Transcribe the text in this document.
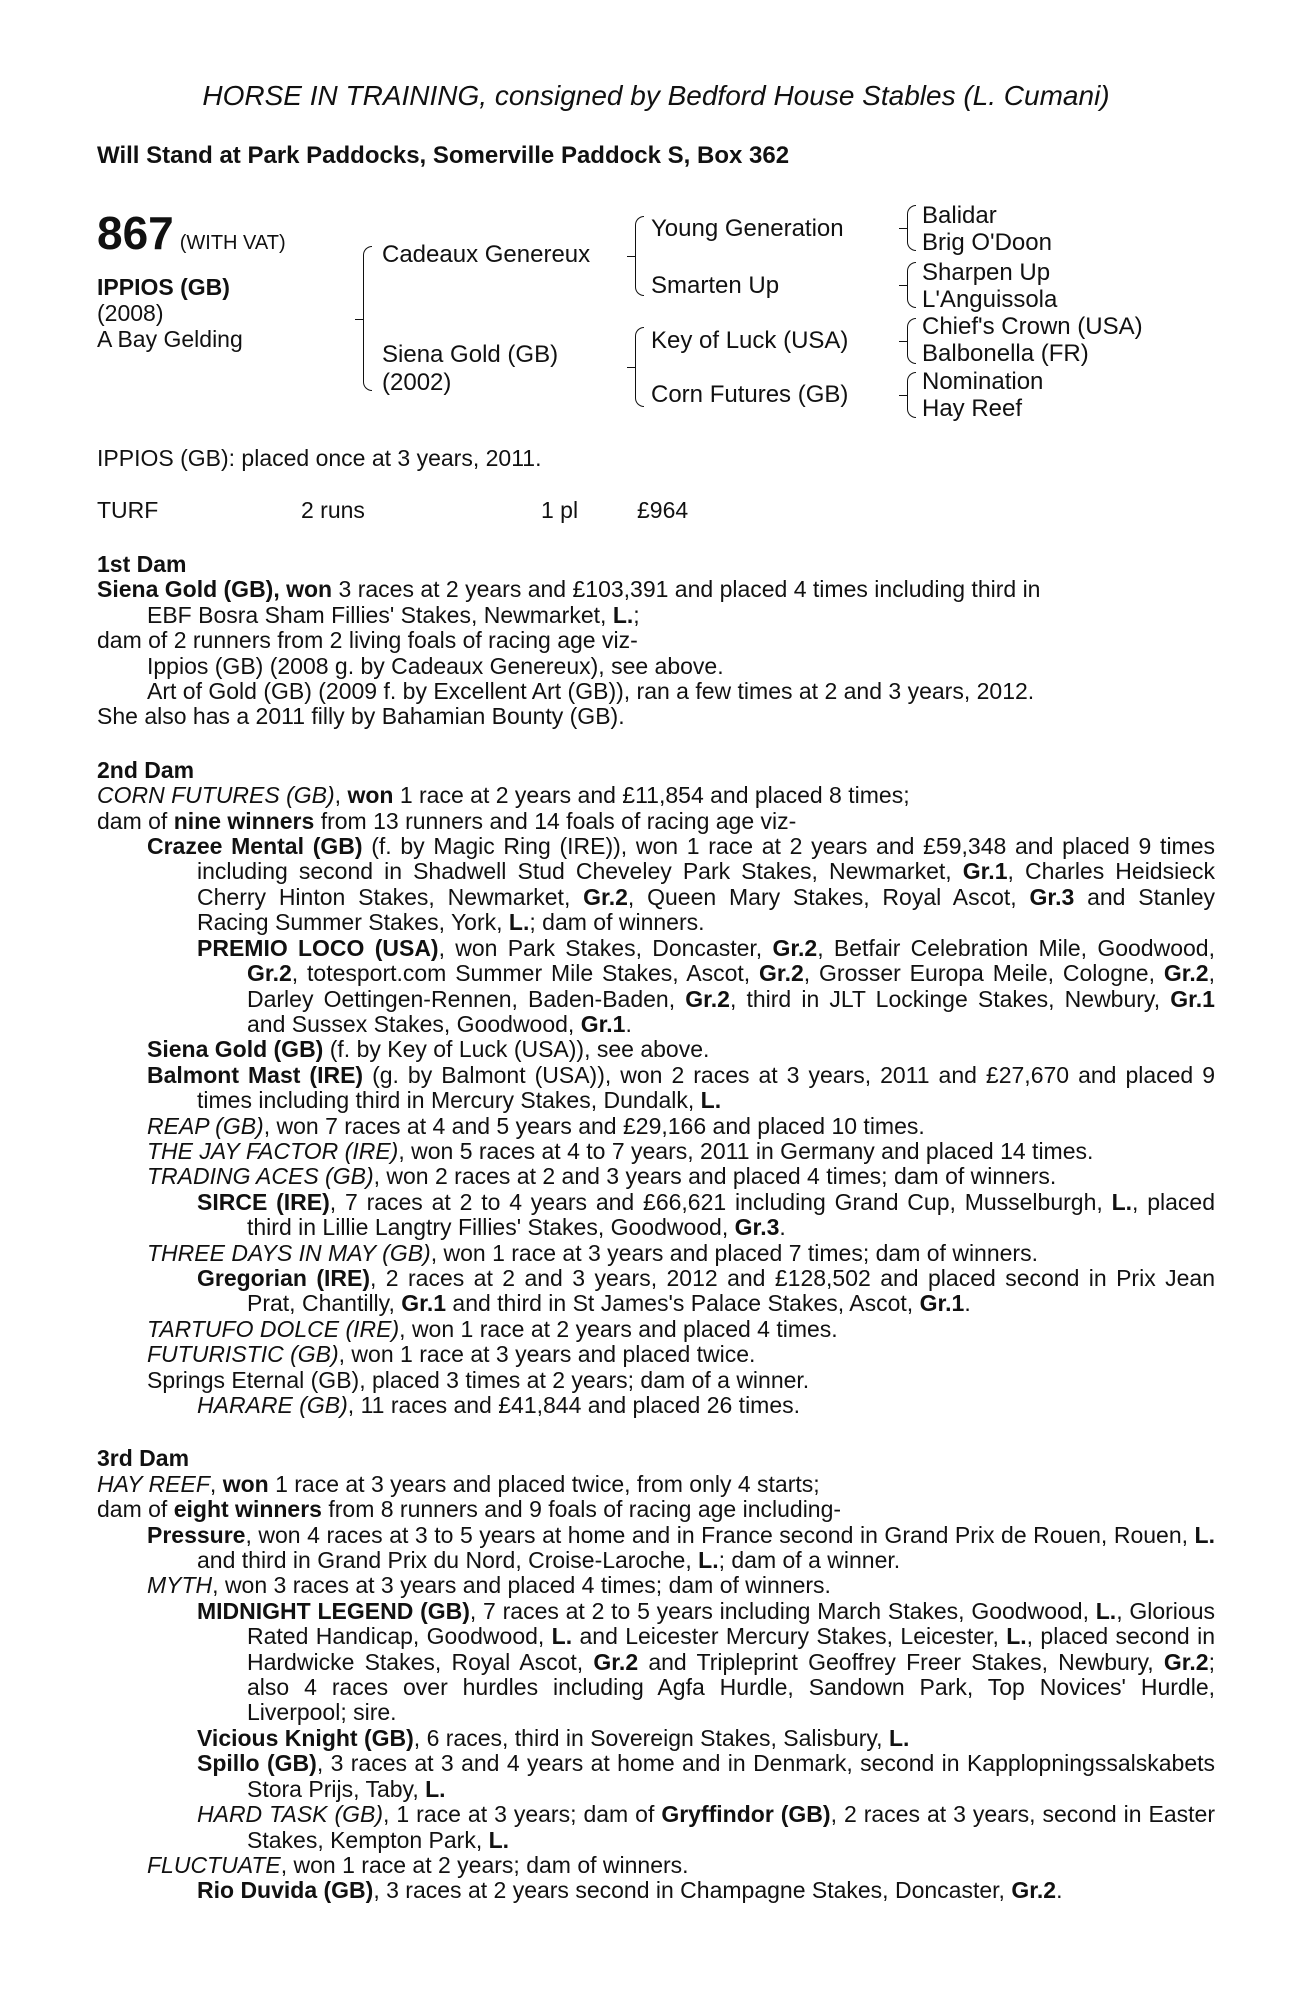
HORSE IN TRAINING, consigned by Bedford House Stables (L. Cumani)
Will Stand at Park Paddocks, Somerville Paddock S, Box 362
867 (WITH VAT)
IPPIOS (GB)
(2008)
A Bay Gelding
Cadeaux Genereux
Siena Gold (GB)
(2002)
Young Generation
Smarten Up
Key of Luck (USA)
Corn Futures (GB)
Balidar
Brig O'Doon
Sharpen Up
L'Anguissola
Chief's Crown (USA)
Balbonella (FR)
Nomination
Hay Reef
IPPIOS (GB): placed once at 3 years, 2011.
TURF	2 runs	1 pl	£964

1st Dam

Siena Gold (GB), won 3 races at 2 years and £103,391 and placed 4 times including third in

EBF Bosra Sham Fillies' Stakes, Newmarket, L.;

dam of 2 runners from 2 living foals of racing age viz-

Ippios (GB) (2008 g. by Cadeaux Genereux), see above.

Art of Gold (GB) (2009 f. by Excellent Art (GB)), ran a few times at 2 and 3 years, 2012.

She also has a 2011 filly by Bahamian Bounty (GB).

2nd Dam

CORN FUTURES (GB), won 1 race at 2 years and £11,854 and placed 8 times;

dam of nine winners from 13 runners and 14 foals of racing age viz-

Crazee Mental (GB) (f. by Magic Ring (IRE)), won 1 race at 2 years and £59,348 and placed 9 times including second in Shadwell Stud Cheveley Park Stakes, Newmarket, Gr.1, Charles Heidsieck Cherry Hinton Stakes, Newmarket, Gr.2, Queen Mary Stakes, Royal Ascot, Gr.3 and Stanley Racing Summer Stakes, York, L.; dam of winners.

PREMIO LOCO (USA), won Park Stakes, Doncaster, Gr.2, Betfair Celebration Mile, Goodwood, Gr.2, totesport.com Summer Mile Stakes, Ascot, Gr.2, Grosser Europa Meile, Cologne, Gr.2, Darley Oettingen-Rennen, Baden-Baden, Gr.2, third in JLT Lockinge Stakes, Newbury, Gr.1 and Sussex Stakes, Goodwood, Gr.1.

Siena Gold (GB) (f. by Key of Luck (USA)), see above.

Balmont Mast (IRE) (g. by Balmont (USA)), won 2 races at 3 years, 2011 and £27,670 and placed 9 times including third in Mercury Stakes, Dundalk, L.

REAP (GB), won 7 races at 4 and 5 years and £29,166 and placed 10 times.

THE JAY FACTOR (IRE), won 5 races at 4 to 7 years, 2011 in Germany and placed 14 times.

TRADING ACES (GB), won 2 races at 2 and 3 years and placed 4 times; dam of winners.

SIRCE (IRE), 7 races at 2 to 4 years and £66,621 including Grand Cup, Musselburgh, L., placed third in Lillie Langtry Fillies' Stakes, Goodwood, Gr.3.

THREE DAYS IN MAY (GB), won 1 race at 3 years and placed 7 times; dam of winners.

Gregorian (IRE), 2 races at 2 and 3 years, 2012 and £128,502 and placed second in Prix Jean Prat, Chantilly, Gr.1 and third in St James's Palace Stakes, Ascot, Gr.1.

TARTUFO DOLCE (IRE), won 1 race at 2 years and placed 4 times.

FUTURISTIC (GB), won 1 race at 3 years and placed twice.

Springs Eternal (GB), placed 3 times at 2 years; dam of a winner.

HARARE (GB), 11 races and £41,844 and placed 26 times.

3rd Dam

HAY REEF, won 1 race at 3 years and placed twice, from only 4 starts;

dam of eight winners from 8 runners and 9 foals of racing age including-

Pressure, won 4 races at 3 to 5 years at home and in France second in Grand Prix de Rouen, Rouen, L. and third in Grand Prix du Nord, Croise-Laroche, L.; dam of a winner.

MYTH, won 3 races at 3 years and placed 4 times; dam of winners.

MIDNIGHT LEGEND (GB), 7 races at 2 to 5 years including March Stakes, Goodwood, L., Glorious Rated Handicap, Goodwood, L. and Leicester Mercury Stakes, Leicester, L., placed second in Hardwicke Stakes, Royal Ascot, Gr.2 and Tripleprint Geoffrey Freer Stakes, Newbury, Gr.2; also 4 races over hurdles including Agfa Hurdle, Sandown Park, Top Novices' Hurdle, Liverpool; sire.

Vicious Knight (GB), 6 races, third in Sovereign Stakes, Salisbury, L.

Spillo (GB), 3 races at 3 and 4 years at home and in Denmark, second in Kapplopningssalskabets Stora Prijs, Taby, L.

HARD TASK (GB), 1 race at 3 years; dam of Gryffindor (GB), 2 races at 3 years, second in Easter Stakes, Kempton Park, L.

FLUCTUATE, won 1 race at 2 years; dam of winners.

Rio Duvida (GB), 3 races at 2 years second in Champagne Stakes, Doncaster, Gr.2.
